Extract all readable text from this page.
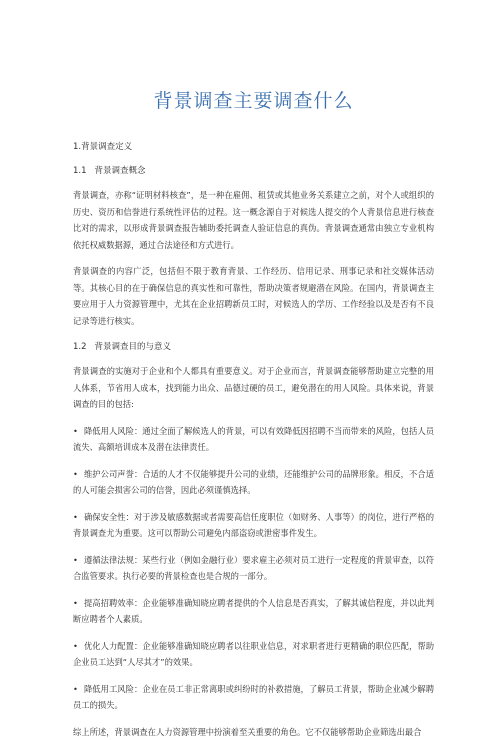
背景调查主要调查什么
1.背景调查定义
1.1 背景调查概念

背景调查，亦称“证明材料核查”，是一种在雇佣、租赁或其他业务关系建立之前，对个人或组织的历史、资历和信誉进行系统性评估的过程。这一概念源自于对候选人提交的个人背景信息进行核查比对的需求，以形成背景调查报告辅助委托调查人验证信息的真伪。背景调查通常由独立专业机构依托权威数据源，通过合法途径和方式进行。

背景调查的内容广泛，包括但不限于教育背景、工作经历、信用记录、刑事记录和社交媒体活动等。其核心目的在于确保信息的真实性和可靠性，帮助决策者规避潜在风险。在国内，背景调查主要应用于人力资源管理中，尤其在企业招聘新员工时，对候选人的学历、工作经验以及是否有不良记录等进行核实。

1.2 背景调查目的与意义

背景调查的实施对于企业和个人都具有重要意义。对于企业而言，背景调查能够帮助建立完整的用人体系，节省用人成本，找到能力出众、品德过硬的员工，避免潜在的用人风险。具体来说，背景调查的目的包括:

• 降低用人风险：通过全面了解候选人的背景，可以有效降低因招聘不当而带来的风险，包括人员流失、高额培训成本及潜在法律责任。
• 维护公司声誉：合适的人才不仅能够提升公司的业绩，还能维护公司的品牌形象。相反，不合适的人可能会损害公司的信誉，因此必须谨慎选择。
• 确保安全性：对于涉及敏感数据或者需要高信任度职位（如财务、人事等）的岗位，进行严格的背景调查尤为重要。这可以帮助公司避免内部盗窃或泄密事件发生。
• 遵循法律法规：某些行业（例如金融行业）要求雇主必须对员工进行一定程度的背景审查，以符合监管要求。执行必要的背景检查也是合规的一部分。
• 提高招聘效率：企业能够准确知晓应聘者提供的个人信息是否真实，了解其诚信程度，并以此判断应聘者个人素质。
• 优化人力配置：企业能够准确知晓应聘者以往职业信息，对求职者进行更精确的职位匹配，帮助企业员工达到“人尽其才”的效果。
• 降低用工风险：企业在员工非正常离职或纠纷时的补救措施，了解员工背景，帮助企业减少解聘员工的损失。

综上所述，背景调查在人力资源管理中扮演着至关重要的角色。它不仅能够帮助企业筛选出最合
